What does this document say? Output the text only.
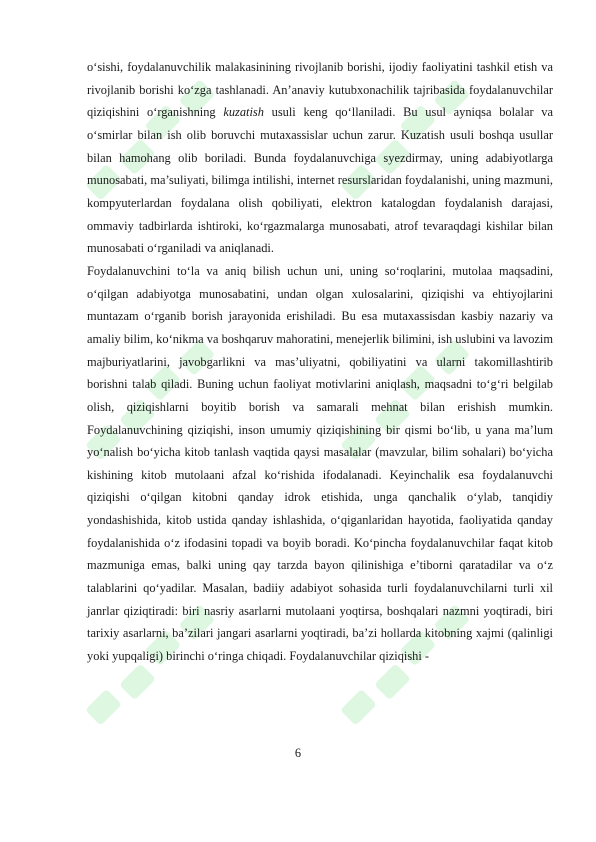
o‘sishi, foydalanuvchilik malakasinining rivojlanib borishi, ijodiy faoliyatini tashkil etish va rivojlanib borishi ko‘zga tashlanadi. An’anaviy kutubxonachilik tajribasida foydalanuvchilar qiziqishini o‘rganishning kuzatish usuli keng qo‘llaniladi. Bu usul ayniqsa bolalar va o‘smirlar bilan ish olib boruvchi mutaxassislar uchun zarur. Kuzatish usuli boshqa usullar bilan hamohang olib boriladi. Bunda foydalanuvchiga syezdirmay, uning adabiyotlarga munosabati, ma’suliyati, bilimga intilishi, internet resurslaridan foydalanishi, uning mazmuni, kompyuterlardan foydalana olish qobiliyati, elektron katalogdan foydalanish darajasi, ommaviy tadbirlarda ishtiroki, ko‘rgazmalarga munosabati, atrof tevaraqdagi kishilar bilan munosabati o‘rganiladi va aniqlanadi.

Foydalanuvchini to‘la va aniq bilish uchun uni, uning so‘roqlarini, mutolaa maqsadini, o‘qilgan adabiyotga munosabatini, undan olgan xulosalarini, qiziqishi va ehtiyojlarini muntazam o‘rganib borish jarayonida erishiladi. Bu esa mutaxassisdan kasbiy nazariy va amaliy bilim, ko‘nikma va boshqaruv mahoratini, menejerlik bilimini, ish uslubini va lavozim majburiyatlarini, javobgarlikni va mas’uliyatni, qobiliyatini va ularni takomillashtirib borishni talab qiladi. Buning uchun faoliyat motivlarini aniqlash, maqsadni to‘g‘ri belgilab olish, qiziqishlarni boyitib borish va samarali mehnat bilan erishish mumkin. Foydalanuvchining qiziqishi, inson umumiy qiziqishining bir qismi bo‘lib, u yana ma’lum yo‘nalish bo‘yicha kitob tanlash vaqtida qaysi masalalar (mavzular, bilim sohalari) bo‘yicha kishining kitob mutolaani afzal ko‘rishida ifodalanadi. Keyinchalik esa foydalanuvchi qiziqishi o‘qilgan kitobni qanday idrok etishida, unga qanchalik o‘ylab, tanqidiy yondashishida, kitob ustida qanday ishlashida, o‘qiganlaridan hayotida, faoliyatida qanday foydalanishida o‘z ifodasini topadi va boyib boradi. Ko‘pincha foydalanuvchilar faqat kitob mazmuniga emas, balki uning qay tarzda bayon qilinishiga e’tiborni qaratadilar va o‘z talablarini qo‘yadilar. Masalan, badiiy adabiyot sohasida turli foydalanuvchilarni turli xil janrlar qiziqtiradi: biri nasriy asarlarni mutolaani yoqtirsa, boshqalari nazmni yoqtiradi, biri tarixiy asarlarni, ba’zilari jangari asarlarni yoqtiradi, ba’zi hollarda kitobning xajmi (qalinligi yoki yupqaligi) birinchi o‘ringa chiqadi. Foydalanuvchilar qiziqishi -

6
